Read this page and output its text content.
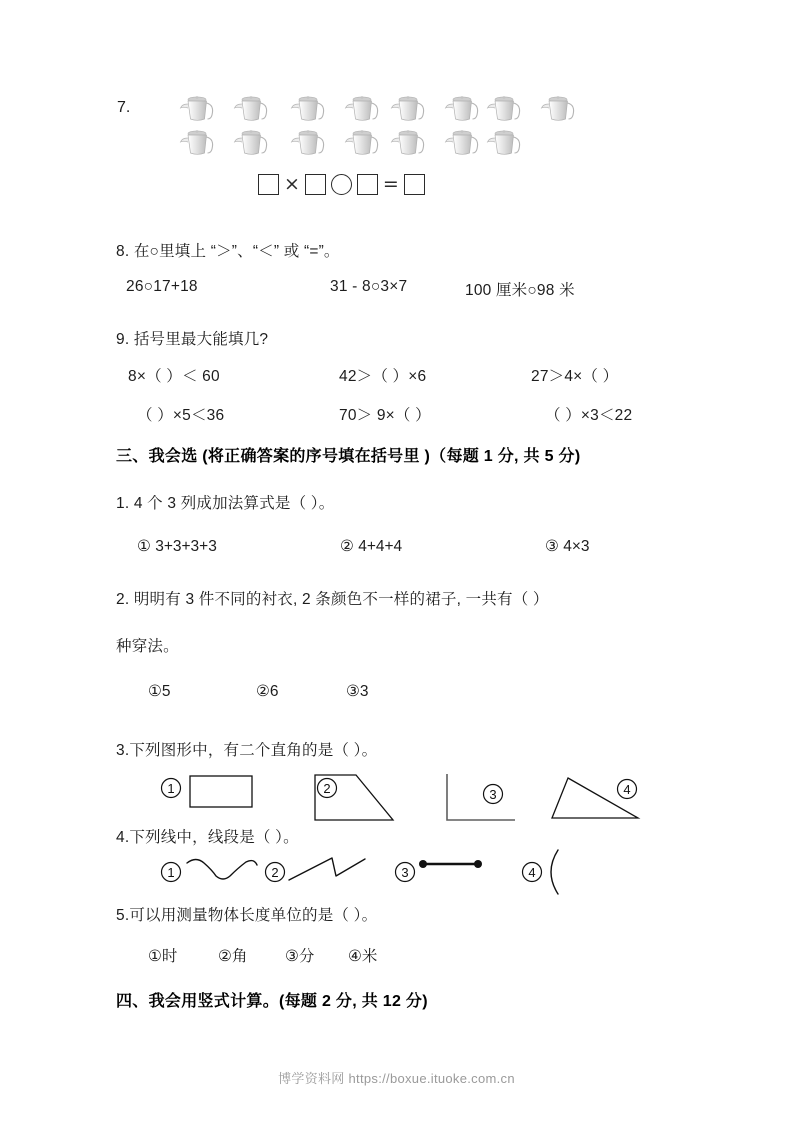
7.
×	=
8. 在○里填上 “＞”、“＜” 或 “=”。
26○17+18	31 - 8○3×7	100 厘米○98 米
9. 括号里最大能填几?
8×（ ）＜ 60	42＞（ ）×6	27＞4×（ ）
（ ）×5＜36	70＞ 9×（ ）	（ ）×3＜22
三、我会选 (将正确答案的序号填在括号里 )（每题 1 分, 共 5 分)
1. 4 个 3 列成加法算式是（ ）。
① 3+3+3+3	② 4+4+4	③ 4×3
2. 明明有 3 件不同的衬衣, 2 条颜色不一样的裙子, 一共有（ ）
种穿法。
①5	②6	③3
3.下列图形中，有二个直角的是（ ）。
1	2	3	4
4.下列线中，线段是（ ）。
1	2	3	4
5.可以用测量物体长度单位的是（ ）。
①时	②角 ③分 ④米
四、我会用竖式计算。(每题 2 分, 共 12 分)
博学资料网 https://boxue.ituoke.com.cn
